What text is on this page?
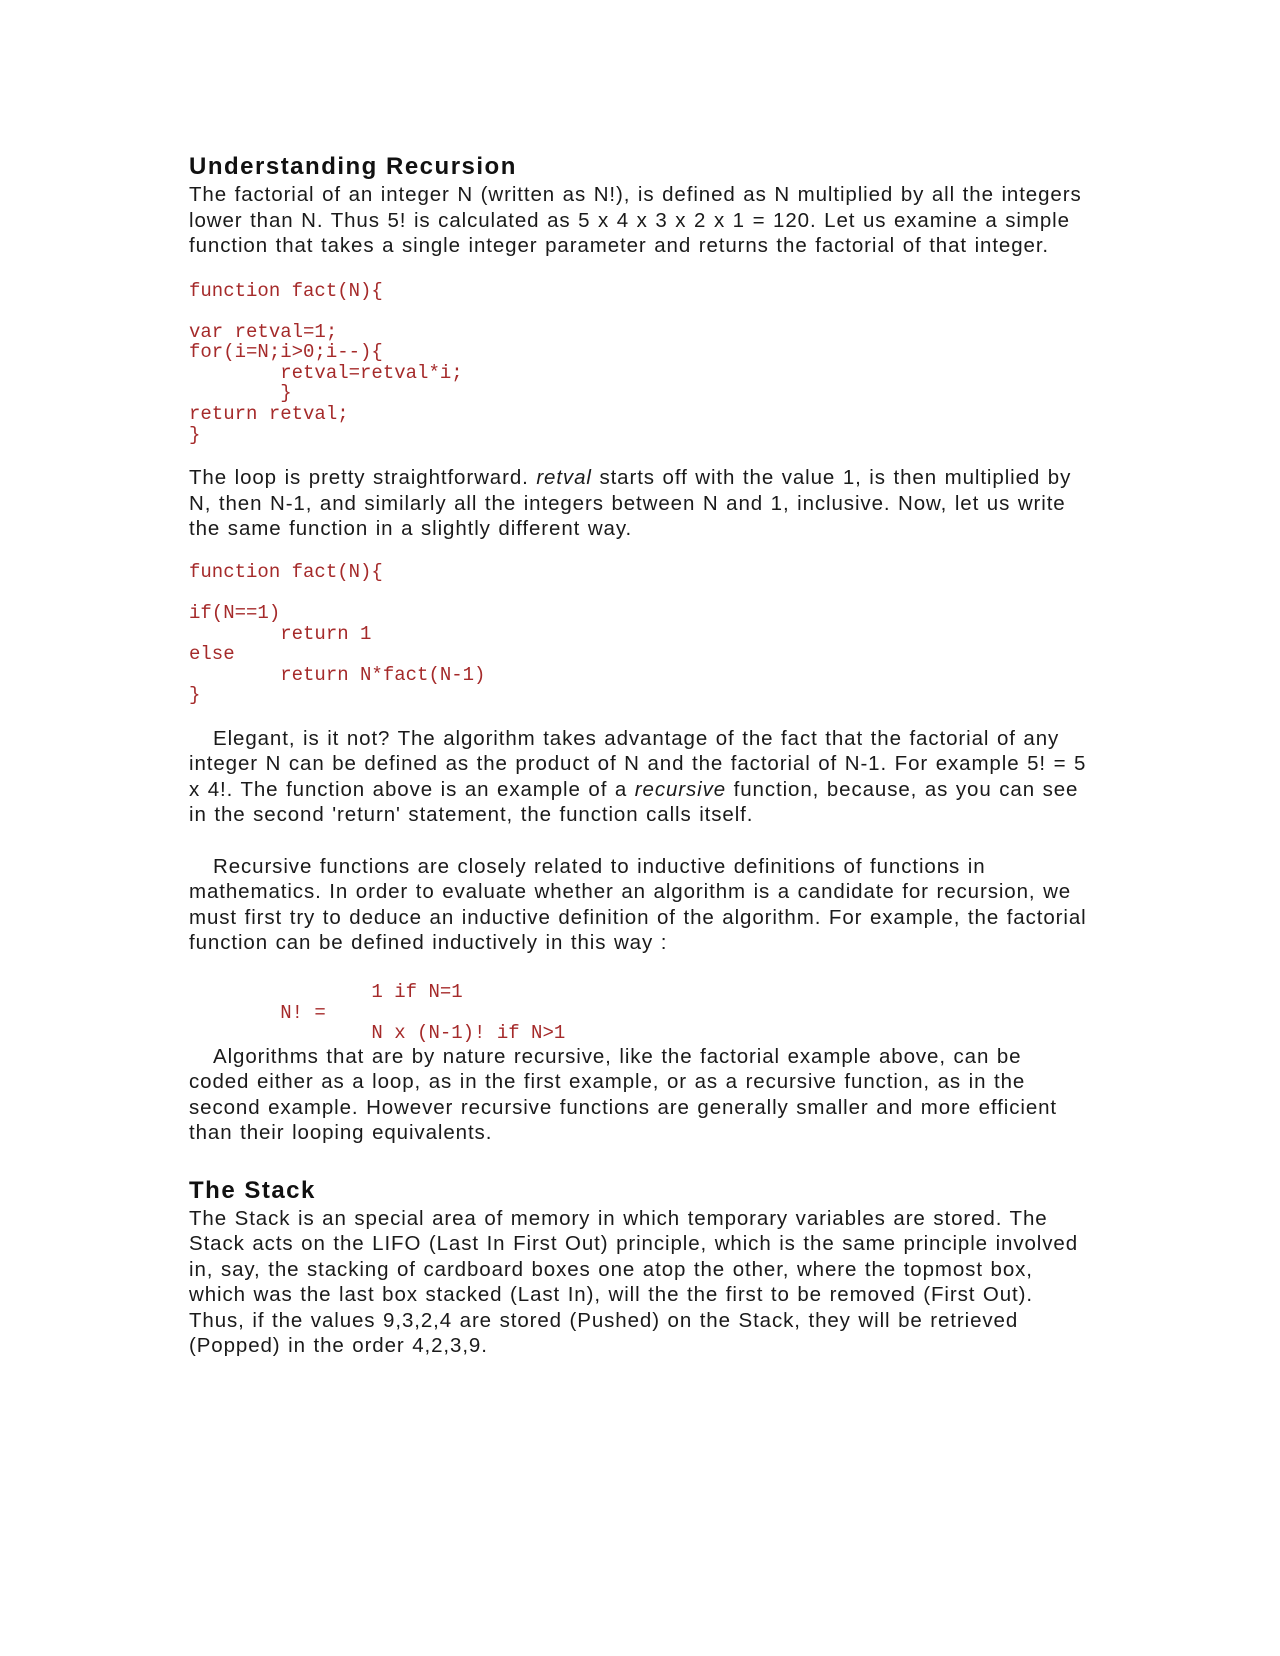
Understanding Recursion

The factorial of an integer N (written as N!), is defined as N multiplied by all the integers lower than N. Thus 5! is calculated as 5 x 4 x 3 x 2 x 1 = 120. Let us examine a simple function that takes a single integer parameter and returns the factorial of that integer.

function fact(N){
var retval=1;
for(i=N;i>0;i--){
retval=retval*i;
}
return retval;
}

The loop is pretty straightforward. retval starts off with the value 1, is then multiplied by N, then N-1, and similarly all the integers between N and 1, inclusive. Now, let us write the same function in a slightly different way.

function fact(N){
if(N==1)
return 1
else
return N*fact(N-1)
}

Elegant, is it not? The algorithm takes advantage of the fact that the factorial of any integer N can be defined as the product of N and the factorial of N-1. For example 5! = 5 x 4!. The function above is an example of a recursive function, because, as you can see in the second 'return' statement, the function calls itself.

Recursive functions are closely related to inductive definitions of functions in mathematics. In order to evaluate whether an algorithm is a candidate for recursion, we must first try to deduce an inductive definition of the algorithm. For example, the factorial function can be defined inductively in this way :

1 if N=1
N! =
N x (N-1)! if N>1

Algorithms that are by nature recursive, like the factorial example above, can be coded either as a loop, as in the first example, or as a recursive function, as in the second example. However recursive functions are generally smaller and more efficient than their looping equivalents.

The Stack

The Stack is an special area of memory in which temporary variables are stored. The Stack acts on the LIFO (Last In First Out) principle, which is the same principle involved in, say, the stacking of cardboard boxes one atop the other, where the topmost box, which was the last box stacked (Last In), will the the first to be removed (First Out). Thus, if the values 9,3,2,4 are stored (Pushed) on the Stack, they will be retrieved (Popped) in the order 4,2,3,9.
